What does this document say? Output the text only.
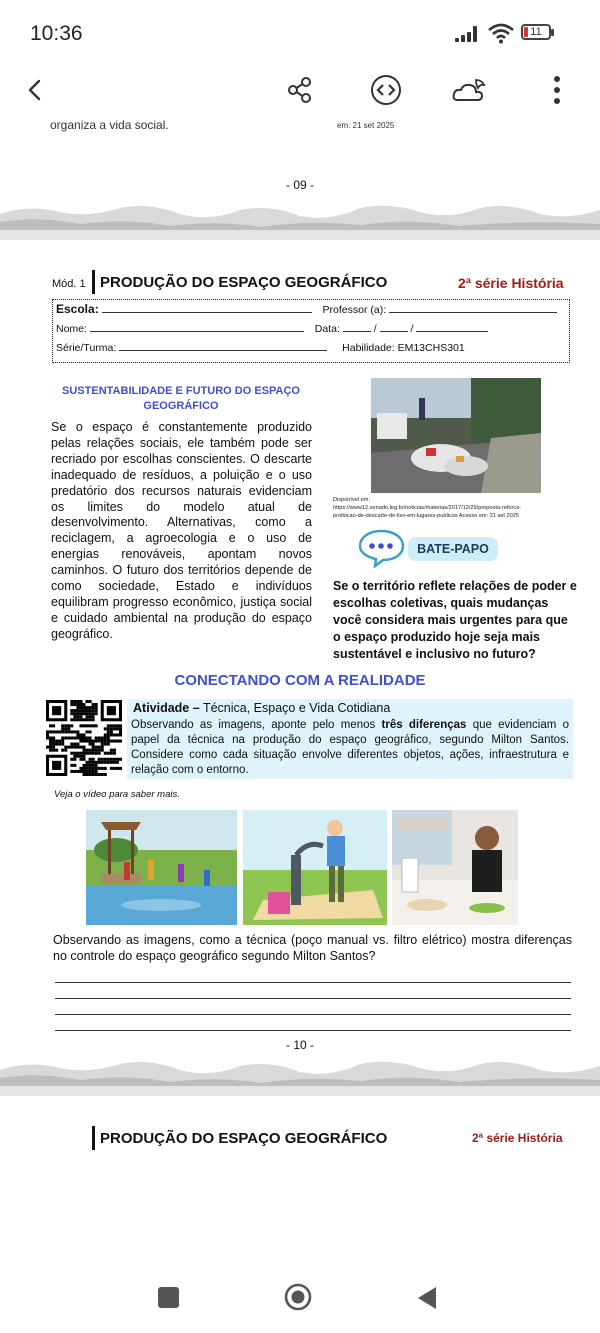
10:36	11
organiza a vida social.	em: 21 set 2025
- 09 -
Mód. 1 PRODUÇÃO DO ESPAÇO GEOGRÁFICO	2ª série História
Escola:	Professor (a):
Nome:	Data:	/	/
Série/Turma:	Habilidade: EM13CHS301
SUSTENTABILIDADE E FUTURO DO ESPAÇO
GEOGRÁFICO
Se o espaço é constantemente produzido pelas relações sociais, ele também pode ser recriado por escolhas conscientes. O descarte inadequado de resíduos, a poluição e o uso predatório dos recursos naturais evidenciam os limites do modelo atual de desenvolvimento. Alternativas, como a reciclagem, a agroecologia e o uso de energias renováveis, apontam novos caminhos. O futuro dos territórios depende de como sociedade, Estado e indivíduos equilibram progresso econômico, justiça social e cuidado ambiental na produção do espaço geográfico.
Disponível em:
https://www12.senado.leg.br/noticias/materias/2017/12/29/proposta-reforca-
proibicao-de-descarte-de-lixo-em-lugares-publicos Acesso em: 21 set 2025
BATE-PAPO
Se o território reflete relações de poder e escolhas coletivas, quais mudanças você considera mais urgentes para que o espaço produzido hoje seja mais sustentável e inclusivo no futuro?
CONECTANDO COM A REALIDADE
Atividade – Técnica, Espaço e Vida Cotidiana
Observando as imagens, aponte pelo menos três diferenças que evidenciam o papel da técnica na produção do espaço geográfico, segundo Milton Santos. Considere como cada situação envolve diferentes objetos, ações, infraestrutura e relação com o entorno.
Veja o vídeo para saber mais.
Observando as imagens, como a técnica (poço manual vs. filtro elétrico) mostra diferenças no controle do espaço geográfico segundo Milton Santos?
- 10 -
PRODUÇÃO DO ESPAÇO GEOGRÁFICO	2ª série História
